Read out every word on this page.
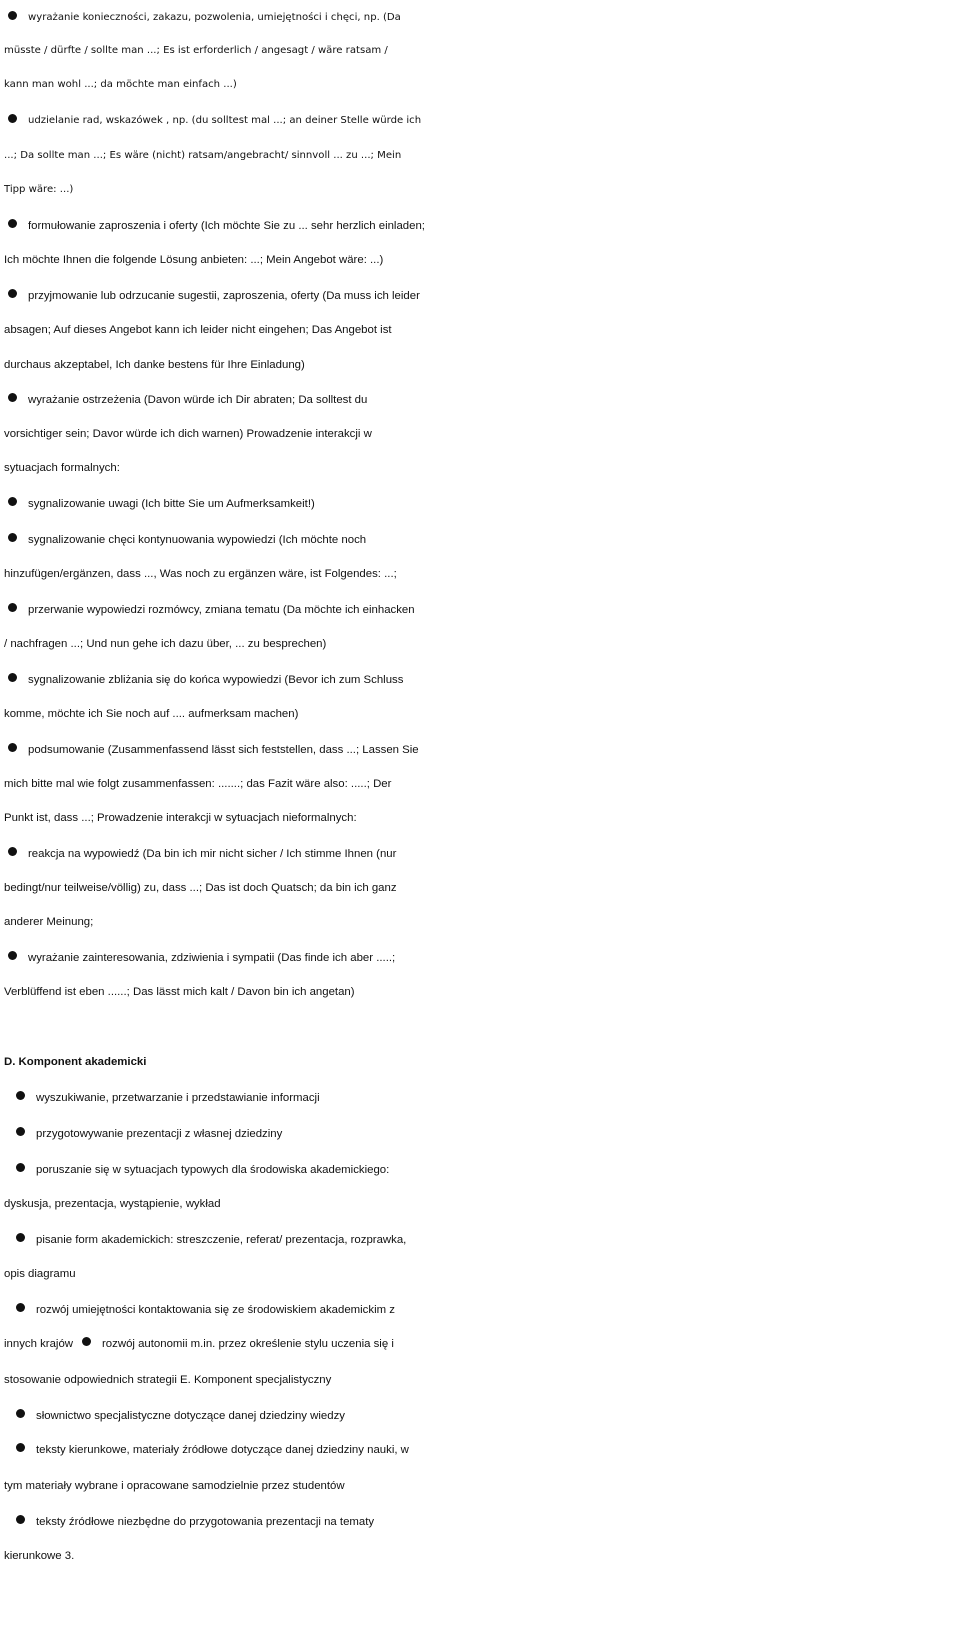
wyrażanie konieczności, zakazu, pozwolenia, umiejętności i chęci, np. (Da
müsste / dürfte / sollte man ...; Es ist erforderlich / angesagt / wäre ratsam /
kann man wohl ...; da möchte man einfach ...)
udzielanie rad, wskazówek , np. (du solltest mal ...; an deiner Stelle würde ich
...; Da sollte man ...; Es wäre (nicht) ratsam/angebracht/ sinnvoll ... zu ...; Mein
Tipp wäre: ...)
formułowanie zaproszenia i oferty (Ich möchte Sie zu ... sehr herzlich einladen;
Ich möchte Ihnen die folgende Lösung anbieten: ...; Mein Angebot wäre: ...)
przyjmowanie lub odrzucanie sugestii, zaproszenia, oferty (Da muss ich leider
absagen; Auf dieses Angebot kann ich leider nicht eingehen; Das Angebot ist
durchaus akzeptabel, Ich danke bestens für Ihre Einladung)
wyrażanie ostrzeżenia (Davon würde ich Dir abraten; Da solltest du
vorsichtiger sein; Davor würde ich dich warnen) Prowadzenie interakcji w
sytuacjach formalnych:
sygnalizowanie uwagi (Ich bitte Sie um Aufmerksamkeit!)
sygnalizowanie chęci kontynuowania wypowiedzi (Ich möchte noch
hinzufügen/ergänzen, dass ..., Was noch zu ergänzen wäre, ist Folgendes: ...;
przerwanie wypowiedzi rozmówcy, zmiana tematu (Da möchte ich einhacken
/ nachfragen ...; Und nun gehe ich dazu über, ... zu besprechen)
sygnalizowanie zbliżania się do końca wypowiedzi (Bevor ich zum Schluss
komme, möchte ich Sie noch auf .... aufmerksam machen)
podsumowanie (Zusammenfassend lässt sich feststellen, dass ...; Lassen Sie
mich bitte mal wie folgt zusammenfassen: .......; das Fazit wäre also: .....; Der
Punkt ist, dass ...; Prowadzenie interakcji w sytuacjach nieformalnych:
reakcja na wypowiedź (Da bin ich mir nicht sicher / Ich stimme Ihnen (nur
bedingt/nur teilweise/völlig) zu, dass ...; Das ist doch Quatsch; da bin ich ganz
anderer Meinung;
wyrażanie zainteresowania, zdziwienia i sympatii (Das finde ich aber .....;
Verblüffend ist eben ......; Das lässt mich kalt / Davon bin ich angetan)
D. Komponent akademicki
wyszukiwanie, przetwarzanie i przedstawianie informacji
przygotowywanie prezentacji z własnej dziedziny
poruszanie się w sytuacjach typowych dla środowiska akademickiego:
dyskusja, prezentacja, wystąpienie, wykład
pisanie form akademickich: streszczenie, referat/ prezentacja, rozprawka,
opis diagramu
rozwój umiejętności kontaktowania się ze środowiskiem akademickim z
innych krajów	rozwój autonomii m.in. przez określenie stylu uczenia się i
stosowanie odpowiednich strategii E. Komponent specjalistyczny
słownictwo specjalistyczne dotyczące danej dziedziny wiedzy
teksty kierunkowe, materiały źródłowe dotyczące danej dziedziny nauki, w
tym materiały wybrane i opracowane samodzielnie przez studentów
teksty źródłowe niezbędne do przygotowania prezentacji na tematy
kierunkowe 3.
